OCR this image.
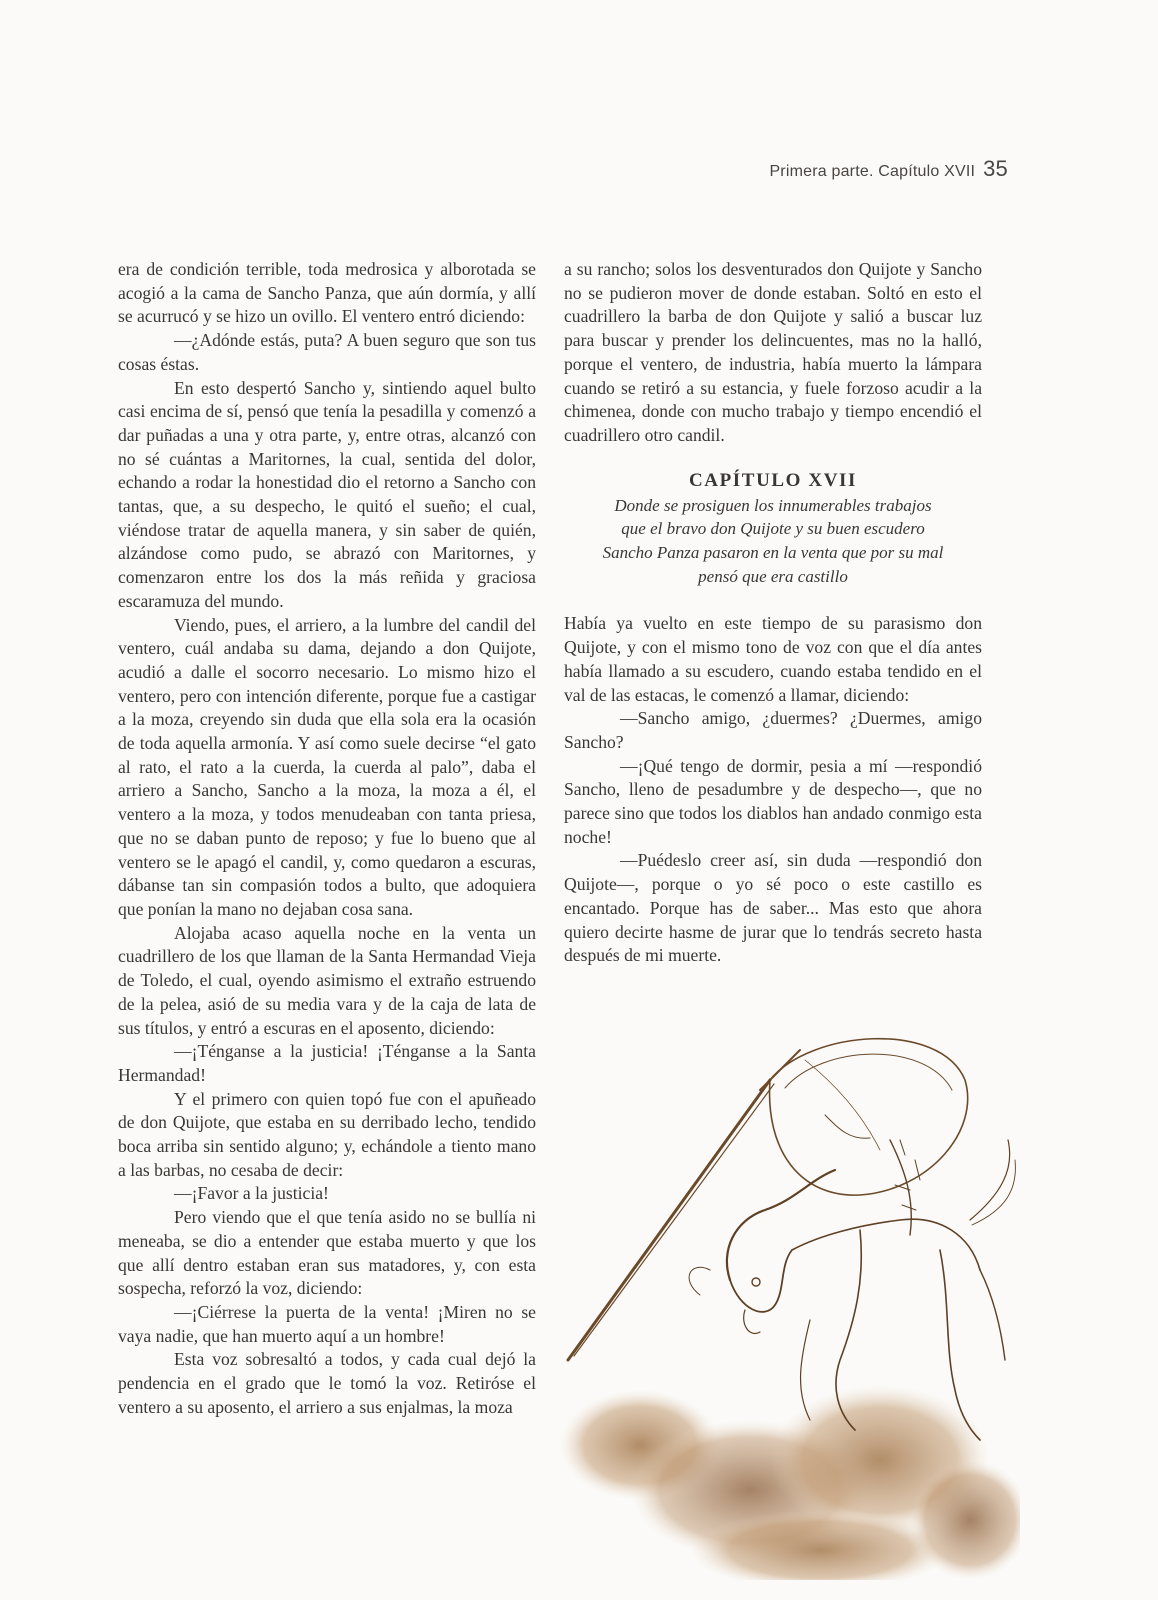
Primera parte. Capítulo XVII 35

era de condición terrible, toda medrosica y alborotada se acogió a la cama de Sancho Panza, que aún dormía, y allí se acurrucó y se hizo un ovillo. El ventero entró diciendo:

—¿Adónde estás, puta? A buen seguro que son tus cosas éstas.

En esto despertó Sancho y, sintiendo aquel bulto casi encima de sí, pensó que tenía la pesadilla y comenzó a dar puñadas a una y otra parte, y, entre otras, alcanzó con no sé cuántas a Maritornes, la cual, sentida del dolor, echando a rodar la honestidad dio el retorno a Sancho con tantas, que, a su despecho, le quitó el sueño; el cual, viéndose tratar de aquella manera, y sin saber de quién, alzándose como pudo, se abrazó con Maritornes, y comenzaron entre los dos la más reñida y graciosa escaramuza del mundo.

Viendo, pues, el arriero, a la lumbre del candil del ventero, cuál andaba su dama, dejando a don Quijote, acudió a dalle el socorro necesario. Lo mismo hizo el ventero, pero con intención diferente, porque fue a castigar a la moza, creyendo sin duda que ella sola era la ocasión de toda aquella armonía. Y así como suele decirse “el gato al rato, el rato a la cuerda, la cuerda al palo”, daba el arriero a Sancho, Sancho a la moza, la moza a él, el ventero a la moza, y todos menudeaban con tanta priesa, que no se daban punto de reposo; y fue lo bueno que al ventero se le apagó el candil, y, como quedaron a escuras, dábanse tan sin compasión todos a bulto, que adoquiera que ponían la mano no dejaban cosa sana.

Alojaba acaso aquella noche en la venta un cuadrillero de los que llaman de la Santa Hermandad Vieja de Toledo, el cual, oyendo asimismo el extraño estruendo de la pelea, asió de su media vara y de la caja de lata de sus títulos, y entró a escuras en el aposento, diciendo:

—¡Ténganse a la justicia! ¡Ténganse a la Santa Hermandad!

Y el primero con quien topó fue con el apuñeado de don Quijote, que estaba en su derribado lecho, tendido boca arriba sin sentido alguno; y, echándole a tiento mano a las barbas, no cesaba de decir:

—¡Favor a la justicia!

Pero viendo que el que tenía asido no se bullía ni meneaba, se dio a entender que estaba muerto y que los que allí dentro estaban eran sus matadores, y, con esta sospecha, reforzó la voz, diciendo:

—¡Ciérrese la puerta de la venta! ¡Miren no se vaya nadie, que han muerto aquí a un hombre!

Esta voz sobresaltó a todos, y cada cual dejó la pendencia en el grado que le tomó la voz. Retiróse el ventero a su aposento, el arriero a sus enjalmas, la moza

a su rancho; solos los desventurados don Quijote y Sancho no se pudieron mover de donde estaban. Soltó en esto el cuadrillero la barba de don Quijote y salió a buscar luz para buscar y prender los delincuentes, mas no la halló, porque el ventero, de industria, había muerto la lámpara cuando se retiró a su estancia, y fuele forzoso acudir a la chimenea, donde con mucho trabajo y tiempo encendió el cuadrillero otro candil.

CAPÍTULO XVII
Donde se prosiguen los innumerables trabajos
que el bravo don Quijote y su buen escudero
Sancho Panza pasaron en la venta que por su mal
pensó que era castillo

Había ya vuelto en este tiempo de su parasismo don Quijote, y con el mismo tono de voz con que el día antes había llamado a su escudero, cuando estaba tendido en el val de las estacas, le comenzó a llamar, diciendo:

—Sancho amigo, ¿duermes? ¿Duermes, amigo Sancho?

—¡Qué tengo de dormir, pesia a mí —respondió Sancho, lleno de pesadumbre y de despecho—, que no parece sino que todos los diablos han andado conmigo esta noche!

—Puédeslo creer así, sin duda —respondió don Quijote—, porque o yo sé poco o este castillo es encantado. Porque has de saber... Mas esto que ahora quiero decirte hasme de jurar que lo tendrás secreto hasta después de mi muerte.
